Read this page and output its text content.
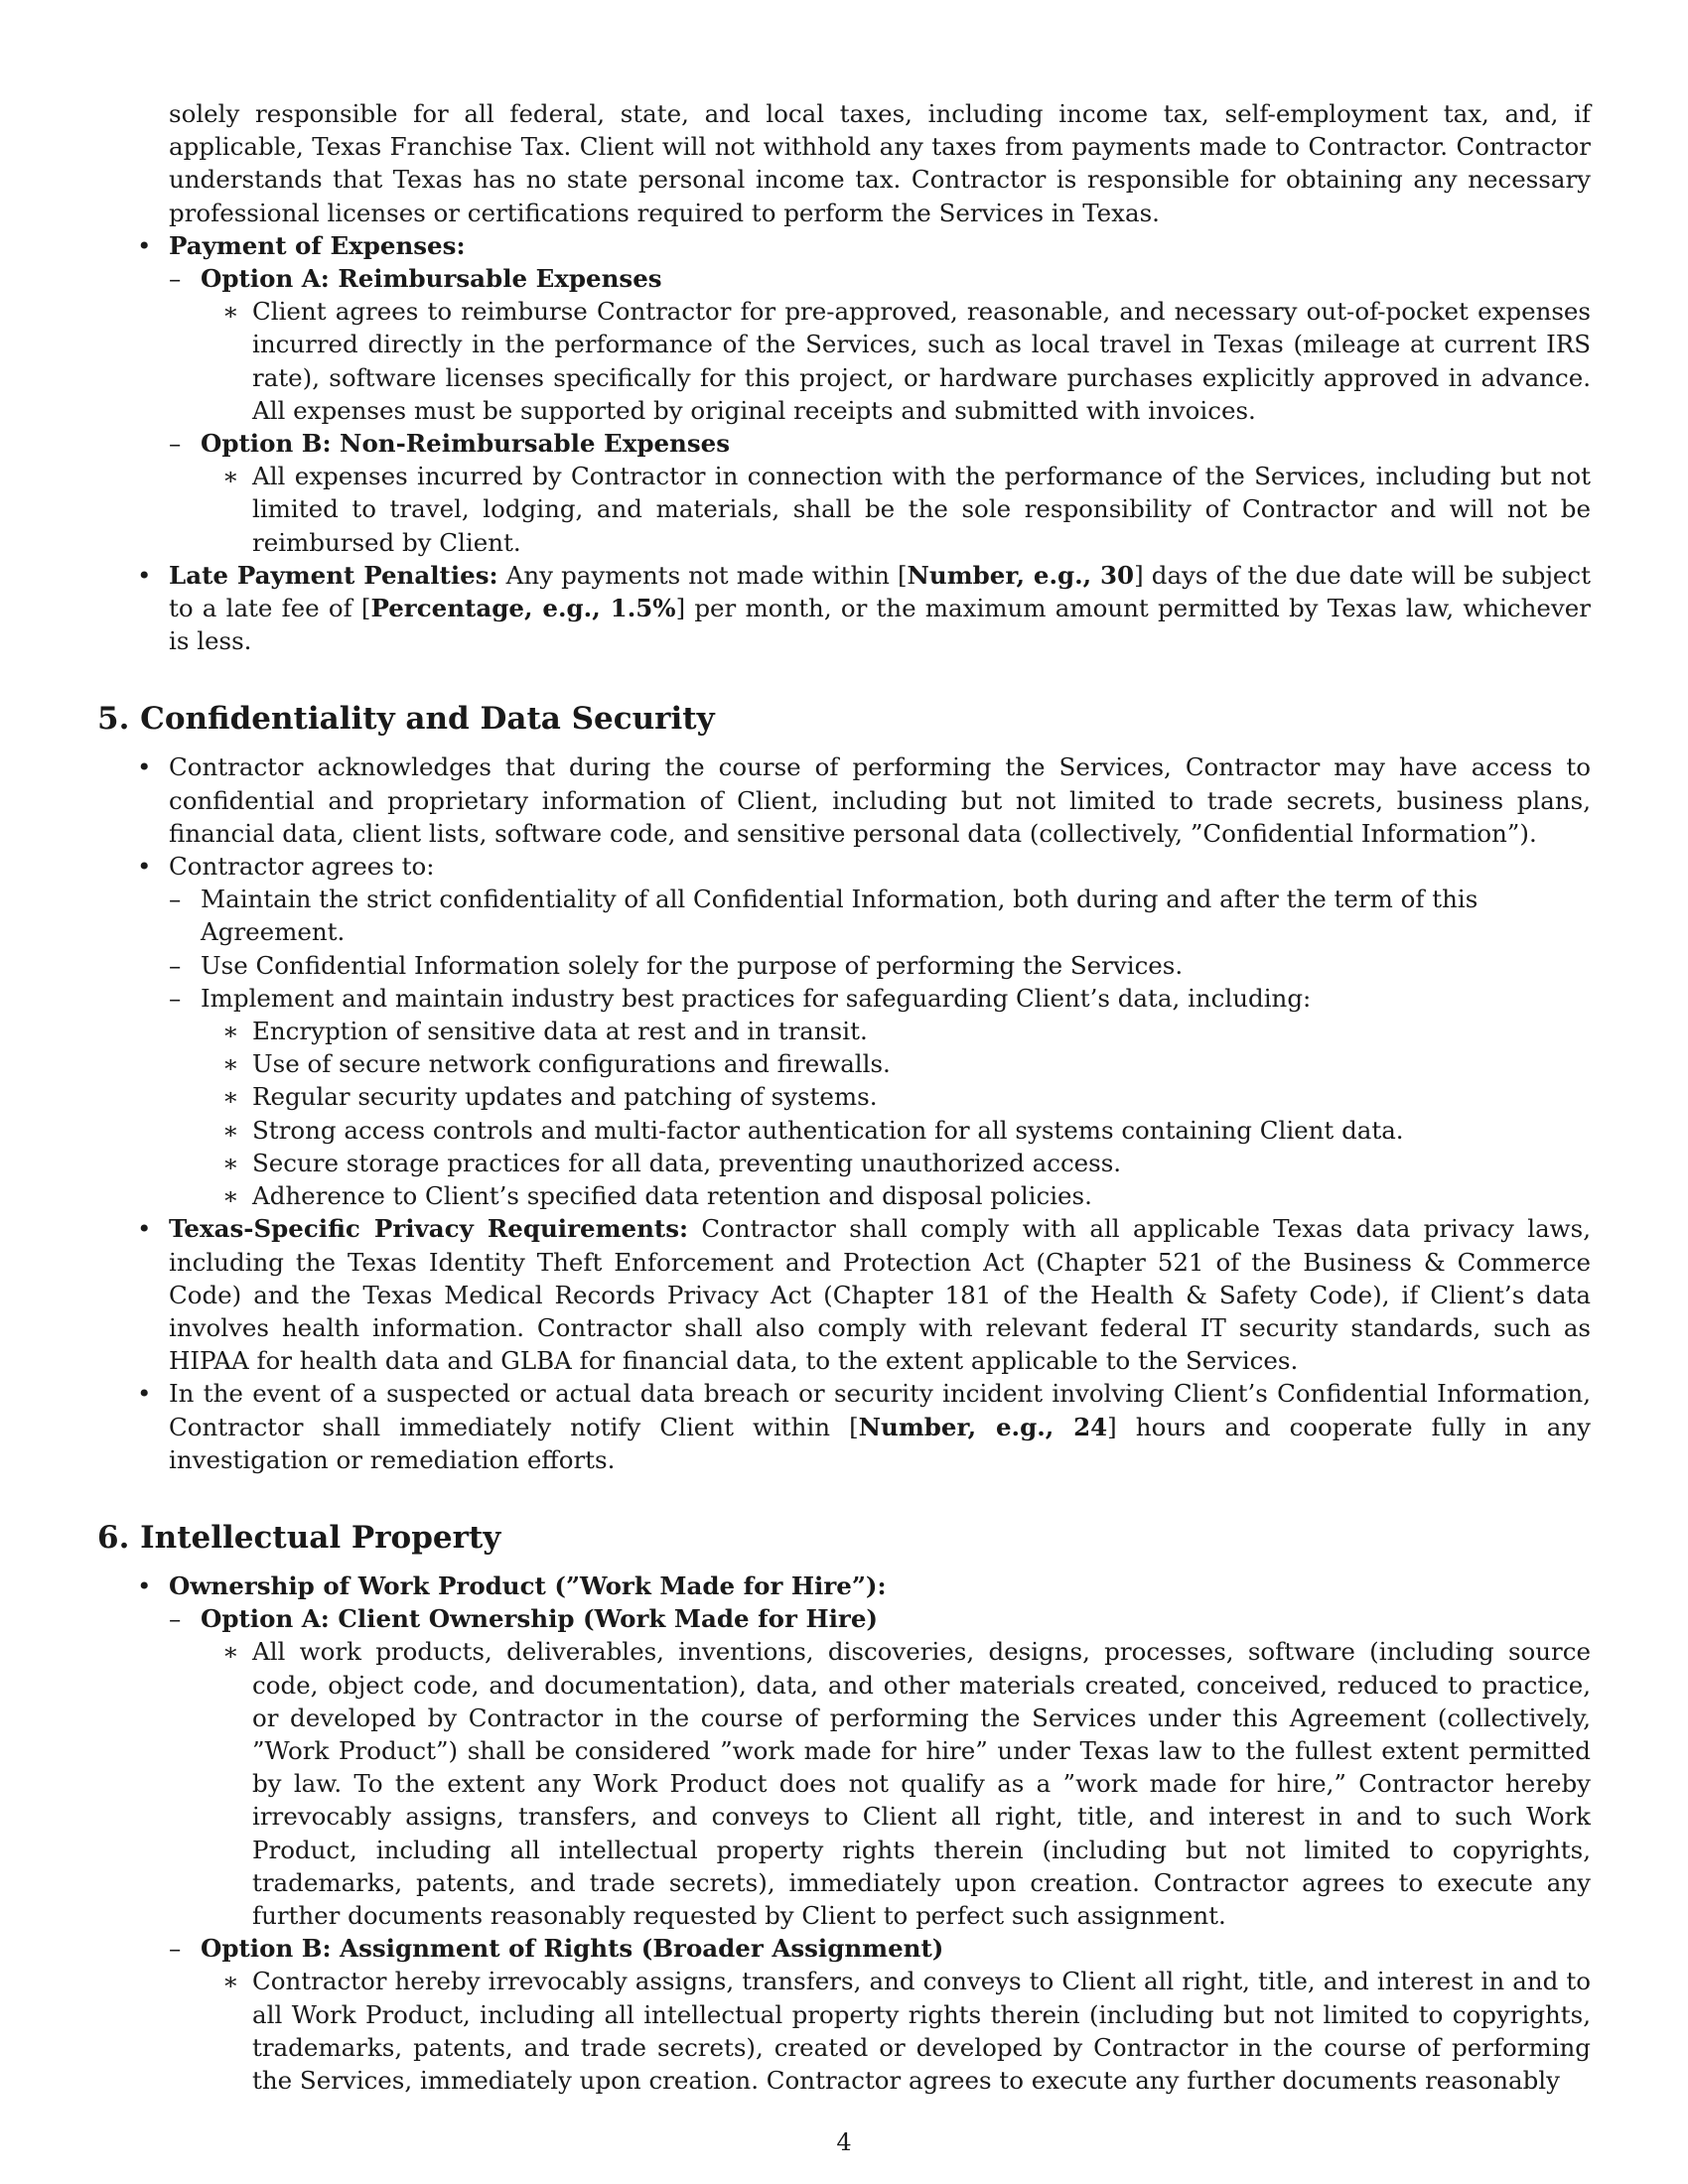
solely responsible for all federal, state, and local taxes, including income tax, self-employment tax, and, if applicable, Texas Franchise Tax. Client will not withhold any taxes from payments made to Contractor. Contractor understands that Texas has no state personal income tax. Contractor is responsible for obtaining any necessary professional licenses or certifications required to perform the Services in Texas.

• Payment of Expenses:
– Option A: Reimbursable Expenses
∗ Client agrees to reimburse Contractor for pre-approved, reasonable, and necessary out-of-pocket expenses incurred directly in the performance of the Services, such as local travel in Texas (mileage at current IRS rate), software licenses specifically for this project, or hardware purchases explicitly approved in advance. All expenses must be supported by original receipts and submitted with invoices.
– Option B: Non-Reimbursable Expenses
∗ All expenses incurred by Contractor in connection with the performance of the Services, including but not limited to travel, lodging, and materials, shall be the sole responsibility of Contractor and will not be reimbursed by Client.
• Late Payment Penalties: Any payments not made within [Number, e.g., 30] days of the due date will be subject to a late fee of [Percentage, e.g., 1.5%] per month, or the maximum amount permitted by Texas law, whichever is less.
5. Confidentiality and Data Security
• Contractor acknowledges that during the course of performing the Services, Contractor may have access to confidential and proprietary information of Client, including but not limited to trade secrets, business plans, financial data, client lists, software code, and sensitive personal data (collectively, ”Confidential Information”).
• Contractor agrees to:
– Maintain the strict confidentiality of all Confidential Information, both during and after the term of this Agreement.
– Use Confidential Information solely for the purpose of performing the Services.
– Implement and maintain industry best practices for safeguarding Client’s data, including:
∗ Encryption of sensitive data at rest and in transit.
∗ Use of secure network configurations and firewalls.
∗ Regular security updates and patching of systems.
∗ Strong access controls and multi-factor authentication for all systems containing Client data.
∗ Secure storage practices for all data, preventing unauthorized access.
∗ Adherence to Client’s specified data retention and disposal policies.
• Texas-Specific Privacy Requirements: Contractor shall comply with all applicable Texas data privacy laws, including the Texas Identity Theft Enforcement and Protection Act (Chapter 521 of the Business & Commerce Code) and the Texas Medical Records Privacy Act (Chapter 181 of the Health & Safety Code), if Client’s data involves health information. Contractor shall also comply with relevant federal IT security standards, such as HIPAA for health data and GLBA for financial data, to the extent applicable to the Services.
• In the event of a suspected or actual data breach or security incident involving Client’s Confidential Information, Contractor shall immediately notify Client within [Number, e.g., 24] hours and cooperate fully in any investigation or remediation efforts.
6. Intellectual Property
• Ownership of Work Product (”Work Made for Hire”):
– Option A: Client Ownership (Work Made for Hire)
∗ All work products, deliverables, inventions, discoveries, designs, processes, software (including source code, object code, and documentation), data, and other materials created, conceived, reduced to practice, or developed by Contractor in the course of performing the Services under this Agreement (collectively, ”Work Product”) shall be considered ”work made for hire” under Texas law to the fullest extent permitted by law. To the extent any Work Product does not qualify as a ”work made for hire,” Contractor hereby irrevocably assigns, transfers, and conveys to Client all right, title, and interest in and to such Work Product, including all intellectual property rights therein (including but not limited to copyrights, trademarks, patents, and trade secrets), immediately upon creation. Contractor agrees to execute any further documents reasonably requested by Client to perfect such assignment.
– Option B: Assignment of Rights (Broader Assignment)
∗ Contractor hereby irrevocably assigns, transfers, and conveys to Client all right, title, and interest in and to all Work Product, including all intellectual property rights therein (including but not limited to copyrights, trademarks, patents, and trade secrets), created or developed by Contractor in the course of performing the Services, immediately upon creation. Contractor agrees to execute any further documents reasonably
4
